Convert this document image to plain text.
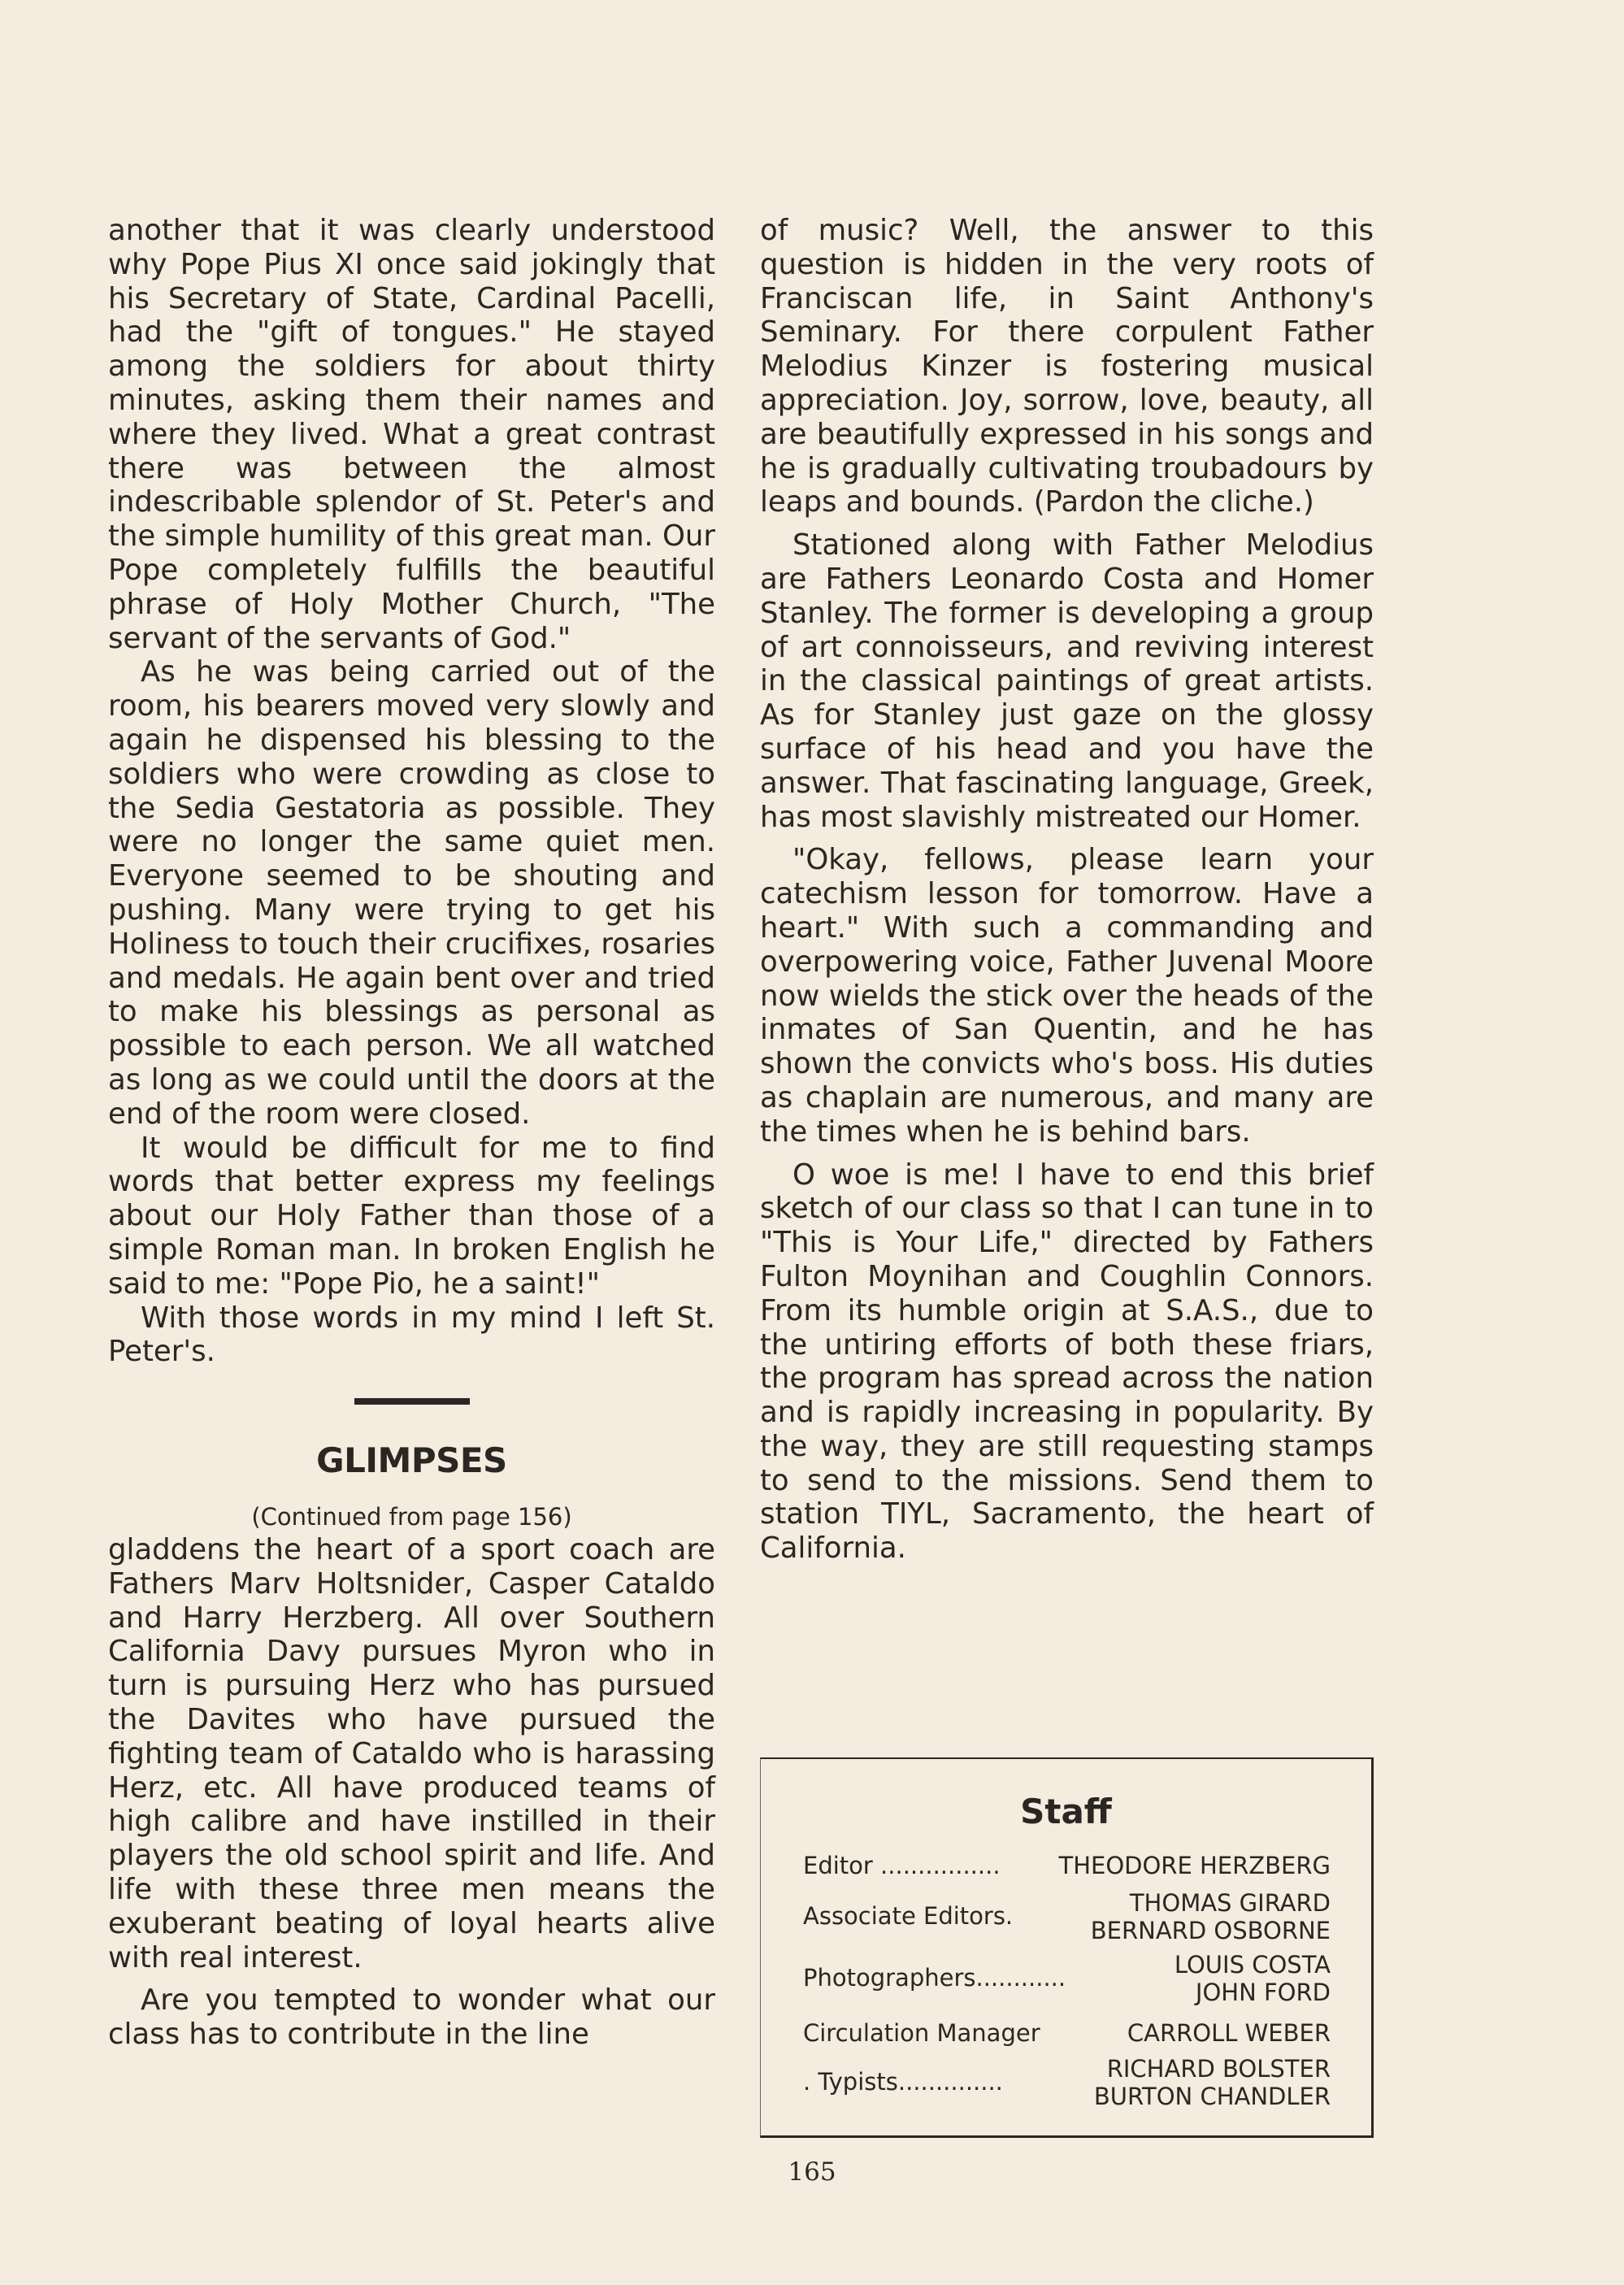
another that it was clearly understood why Pope Pius XI once said jokingly that his Secretary of State, Cardinal Pacelli, had the "gift of tongues." He stayed among the soldiers for about thirty minutes, asking them their names and where they lived. What a great contrast there was between the almost indescribable splendor of St. Peter's and the simple humility of this great man. Our Pope completely fulfills the beautiful phrase of Holy Mother Church, "The servant of the servants of God."

As he was being carried out of the room, his bearers moved very slowly and again he dispensed his blessing to the soldiers who were crowding as close to the Sedia Gestatoria as possible. They were no longer the same quiet men. Everyone seemed to be shouting and pushing. Many were trying to get his Holiness to touch their crucifixes, rosaries and medals. He again bent over and tried to make his blessings as personal as possible to each person. We all watched as long as we could until the doors at the end of the room were closed.

It would be difficult for me to find words that better express my feelings about our Holy Father than those of a simple Roman man. In broken English he said to me: "Pope Pio, he a saint!"

With those words in my mind I left St. Peter's.

GLIMPSES
(Continued from page 156)

gladdens the heart of a sport coach are Fathers Marv Holtsnider, Casper Cataldo and Harry Herzberg. All over Southern California Davy pursues Myron who in turn is pursuing Herz who has pursued the Davites who have pursued the fighting team of Cataldo who is harassing Herz, etc. All have produced teams of high calibre and have instilled in their players the old school spirit and life. And life with these three men means the exuberant beating of loyal hearts alive with real interest.

Are you tempted to wonder what our class has to contribute in the line

of music? Well, the answer to this question is hidden in the very roots of Franciscan life, in Saint Anthony's Seminary. For there corpulent Father Melodius Kinzer is fostering musical appreciation. Joy, sorrow, love, beauty, all are beautifully expressed in his songs and he is gradually cultivating troubadours by leaps and bounds. (Pardon the cliche.)

Stationed along with Father Melodius are Fathers Leonardo Costa and Homer Stanley. The former is developing a group of art connoisseurs, and reviving interest in the classical paintings of great artists. As for Stanley just gaze on the glossy surface of his head and you have the answer. That fascinating language, Greek, has most slavishly mistreated our Homer.

"Okay, fellows, please learn your catechism lesson for tomorrow. Have a heart." With such a commanding and overpowering voice, Father Juvenal Moore now wields the stick over the heads of the inmates of San Quentin, and he has shown the convicts who's boss. His duties as chaplain are numerous, and many are the times when he is behind bars.

O woe is me! I have to end this brief sketch of our class so that I can tune in to "This is Your Life," directed by Fathers Fulton Moynihan and Coughlin Connors. From its humble origin at S.A.S., due to the untiring efforts of both these friars, the program has spread across the nation and is rapidly increasing in popularity. By the way, they are still requesting stamps to send to the missions. Send them to station TIYL, Sacramento, the heart of California.

Staff
Editor ................ THEODORE HERZBERG
Associate Editors.	THOMAS GIRARD
BERNARD OSBORNE
Photographers............	LOUIS COSTA
JOHN FORD
Circulation Manager	CARROLL WEBER
. Typists..............	RICHARD BOLSTER
BURTON CHANDLER
165
